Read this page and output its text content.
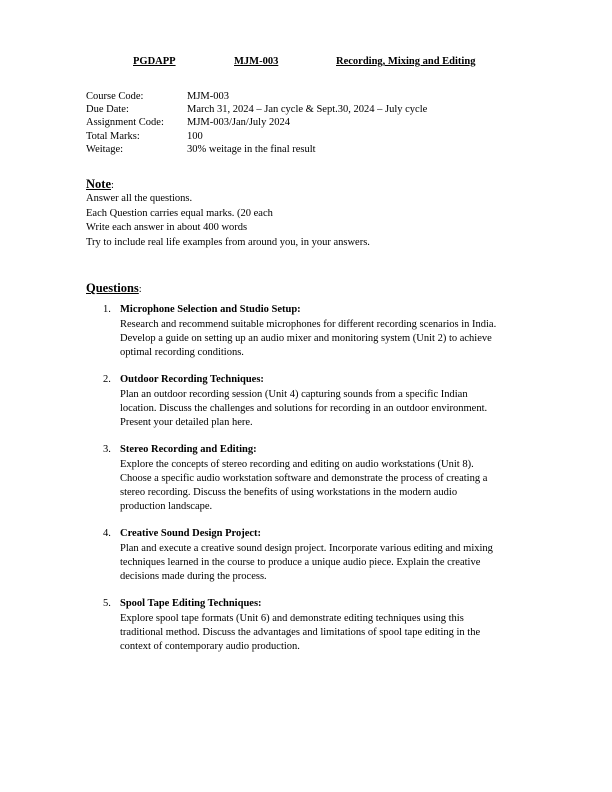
PGDAPP	MJM-003	Recording, Mixing and Editing
Course Code:	MJM-003
Due Date:	March 31, 2024 – Jan cycle & Sept.30, 2024 – July cycle
Assignment Code:	MJM-003/Jan/July 2024
Total Marks:	100
Weitage:	30% weitage in the final result
Note:
Answer all the questions.
Each Question carries equal marks. (20 each
Write each answer in about 400 words
Try to include real life examples from around you, in your answers.
Questions:
1. Microphone Selection and Studio Setup:
Research and recommend suitable microphones for different recording scenarios in India.
Develop a guide on setting up an audio mixer and monitoring system (Unit 2) to achieve
optimal recording conditions.
2. Outdoor Recording Techniques:
Plan an outdoor recording session (Unit 4) capturing sounds from a specific Indian
location. Discuss the challenges and solutions for recording in an outdoor environment.
Present your detailed plan here.
3. Stereo Recording and Editing:
Explore the concepts of stereo recording and editing on audio workstations (Unit 8).
Choose a specific audio workstation software and demonstrate the process of creating a
stereo recording. Discuss the benefits of using workstations in the modern audio
production landscape.
4. Creative Sound Design Project:
Plan and execute a creative sound design project. Incorporate various editing and mixing
techniques learned in the course to produce a unique audio piece. Explain the creative
decisions made during the process.
5. Spool Tape Editing Techniques:
Explore spool tape formats (Unit 6) and demonstrate editing techniques using this
traditional method. Discuss the advantages and limitations of spool tape editing in the
context of contemporary audio production.
